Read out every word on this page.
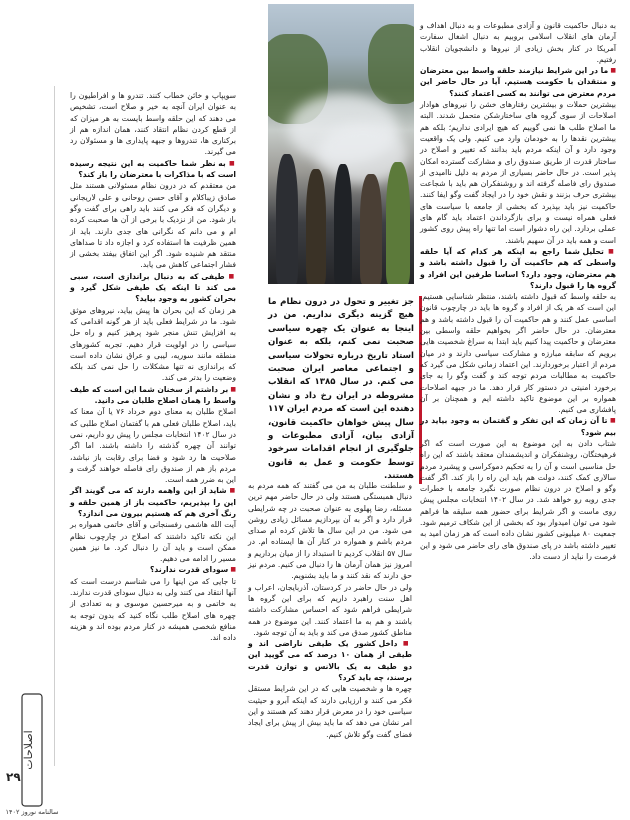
جز تغییر و تحول در درون نظام ما هیچ گزینه دیگری نداریم. من در اینجا به عنوان یک چهره سیاسی صحبت نمی کنم، بلکه به عنوان استاد تاریخ درباره تحولات سیاسی و اجتماعی معاصر ایران صحبت می کنم. در سال ۱۳۸۵ که انقلاب مشروطه در ایران رخ داد و نشان دهنده این است که مردم ایران ۱۱۷ سال پیش خواهان حاکمیت قانون، آزادی بیان، آزادی مطبوعات و جلوگیری از انجام اقدامات سرخود توسط حکومت و عمل به قانون هستند.

به دنبال حاکمیت قانون و آزادی مطبوعات و به دنبال اهداف و آرمان های انقلاب اسلامی بروبیم به دنبال اشغال سفارت آمریکا در کنار بخش زیادی از نیروها و دانشجویان انقلاب رفتیم.

■ ما در این شرایط نیازمند حلقه واسط بین معترضان و منتقدان با حکومت هستیم. آیا در حال حاضر این مردم معترض می توانند به کسی اعتماد کنند؟

بیشترین حملات و بیشترین رفتارهای خشن را نیروهای هوادار اصلاحات از سوی گروه های ساختارشکن متحمل شدند. البته ما اصلاح طلب ها نمی گوییم که هیچ ایرادی نداریم؛ بلکه هم بیشترین نقدها را به خودمان وارد می کنیم. ولی یک واقعیت وجود دارد و آن اینکه مردم باید بدانند که تغییر و اصلاح در ساختار قدرت از طریق صندوق رای و مشارکت گسترده امکان پذیر است. در حال حاضر بسیاری از مردم به دلیل ناامیدی از صندوق رای فاصله گرفته اند و روشنفکران هم باید با شجاعت بیشتری حرف بزنند و نقش خود را در ایجاد گفت وگو ایفا کنند. حاکمیت نیز باید بپذیرد که بخشی از جامعه با سیاست های فعلی همراه نیست و برای بازگرداندن اعتماد باید گام های عملی بردارد. این راه دشوار است اما تنها راه پیش روی کشور است و همه باید در آن سهیم باشند.

■ تحلیل شما راجع به اینکه هر کدام که آیا حلقه واسطی که هم حاکمیت آن را قبول داشته باشد و هم معترضان، وجود دارد؟ اساسا طرفین این افراد و گروه ها را قبول دارند؟

به حلقه واسط که قبول داشته باشند، منتظر شناسایی هستیم. این است که هر یک از افراد و گروه ها باید در چارچوب قانون اساسی عمل کنند و هم حاکمیت آن را قبول داشته باشد و هم معترضان. در حال حاضر اگر بخواهیم حلقه واسطی بین معترضان و حاکمیت پیدا کنیم باید ابتدا به سراغ شخصیت هایی برویم که سابقه مبارزه و مشارکت سیاسی دارند و در میان مردم از اعتبار برخوردارند. این اعتماد زمانی شکل می گیرد که حاکمیت به مطالبات مردم توجه کند و گفت وگو را به جای برخورد امنیتی در دستور کار قرار دهد. ما در جبهه اصلاحات همواره بر این موضوع تاکید داشته ایم و همچنان بر آن پافشاری می کنیم.

■ تا آن زمان که این تفکر و گفتمان به وجود بیاید در بیم شود؟

شتاب دادن به این موضوع به این صورت است که اگر فرهیختگان، روشنفکران و اندیشمندان معتقد باشند که این راه حل مناسبی است و آن را به تحکیم دموکراسی و پیشبرد مردم سالاری کمک کنند، دولت هم باید این راه را باز کند. اگر گفت وگو و اصلاح در درون نظام صورت نگیرد جامعه با خطرات جدی روبه رو خواهد شد. در سال ۱۴۰۲ انتخابات مجلس پیش روی ماست و اگر شرایط برای حضور همه سلیقه ها فراهم شود می توان امیدوار بود که بخشی از این شکاف ترمیم شود. جمعیت ۸۰ میلیونی کشور نشان داده است که هر زمان امید به تغییر داشته باشد در پای صندوق های رای حاضر می شود و این فرصت را نباید از دست داد.

و سلطنت طلبان به من می گفتند که همه مردم به دنبال همبستگی هستند ولی در حال حاضر مهم ترین مسئله، رضا پهلوی به عنوان صحبت در چه شرایطی قرار دارد و اگر به آن بپردازیم مسائل زیادی روشن می شود. من در این سال ها تلاش کرده ام صدای مردم باشم و همواره در کنار آن ها ایستاده ام. در سال ۵۷ انقلاب کردیم تا استبداد را از میان برداریم و امروز نیز همان آرمان ها را دنبال می کنیم. مردم نیز حق دارند که نقد کنند و ما باید بشنویم.

ولی در حال حاضر در کردستان، آذربایجان، اعراب و اهل سنت راهبرد داریم که برای این گروه ها شرایطی فراهم شود که احساس مشارکت داشته باشند و هم به ما اعتماد کنند. این موضوع در همه مناطق کشور صدق می کند و باید به آن توجه شود.

■ داخل کشور یک طیفی ناراضی اند و طیفی از همان ۱۰ درصد که می گویید این دو طیف به یک بالانس و توازن قدرت برسند، چه باید کرد؟

چهره ها و شخصیت هایی که در این شرایط مستقل فکر می کنند و ارزیابی دارند که اینکه آبرو و حیثیت سیاسی خود را در معرض قرار دهند کم هستند و این امر نشان می دهد که ما باید بیش از پیش برای ایجاد فضای گفت وگو تلاش کنیم.

سویپاپ و خائن خطاب کنند. تندرو ها و افراطیون را به عنوان ایران آنچه به خیر و صلاح است، تشخیص می دهند که این حلقه واسط بایست به هر میزان که از قطع کردن نظام انتقاد کنند، همان اندازه هم از برکناری ها، تندروها و جبهه پایداری ها و مسئولان رد می گیرند.

■ به نظر شما حاکمیت به این نتیجه رسیده است که با مذاکرات با معترضان را باز کند؟

من معتقدم که در درون نظام مسئولانی هستند مثل صادق زیباکلام و آقای حسن روحانی و علی لاریجانی و دیگران که فکر می کنند باید راهی برای گفت وگو باز شود. من از نزدیک با برخی از آن ها صحبت کرده ام و می دانم که نگرانی های جدی دارند. باید از همین ظرفیت ها استفاده کرد و اجازه داد تا صداهای منتقد هم شنیده شود. اگر این اتفاق بیفتد بخشی از فشار اجتماعی کاهش می یابد.

■ طیفی که به دنبال براندازی است، سبی می کند تا اینکه یک طیفی شکل گیرد و بحران کشور به وجود بیاید؟

هر زمان که این بحران ها پیش بیاید، نیروهای موثق شود. ما در شرایط فعلی باید از هر گونه اقدامی که به افزایش تنش منجر شود پرهیز کنیم و راه حل سیاسی را در اولویت قرار دهیم. تجربه کشورهای منطقه مانند سوریه، لیبی و عراق نشان داده است که براندازی نه تنها مشکلات را حل نمی کند بلکه وضعیت را بدتر می کند.

■ بر داشتم از سخنان شما این است که طیف واسط را همان اصلاح طلبان می دانید.

اصلاح طلبان به معنای دوم خرداد ۷۶ یا آن معنا که باید، اصلاح طلبان فعلی هم با گفتمان اصلاح طلبی که در سال ۱۴۰۲ انتخابات مجلس را پیش رو داریم، نمی توانند آن چهره گذشته را داشته باشند. اما اگر صلاحیت ها رد شود و فضا برای رقابت باز نباشد، مردم باز هم از صندوق رای فاصله خواهند گرفت و این به ضرر همه است.

■ شاید از این واهمه دارند که می گویند اگر این را بپذیریم، حاکمیت باز از همین حلقه و رنگ آخری هم که هستیم بیرون می اندازد؟

آیت الله هاشمی رفسنجانی و آقای خاتمی همواره بر این نکته تاکید داشتند که اصلاح در چارچوب نظام ممکن است و باید آن را دنبال کرد. ما نیز همین مسیر را ادامه می دهیم.

■ سودای قدرت ندارند؟

تا جایی که من اینها را می شناسم درست است که آنها انتقاد می کنند ولی به دنبال سودای قدرت ندارند. به خاتمی و به میرحسین موسوی و به تعدادی از چهره های اصلاح طلب نگاه کنید که بدون توجه به منافع شخصی همیشه در کنار مردم بوده اند و هزینه داده اند.

اصلاحات
۲۹
سالنامه نوروز ۱۴۰۲
